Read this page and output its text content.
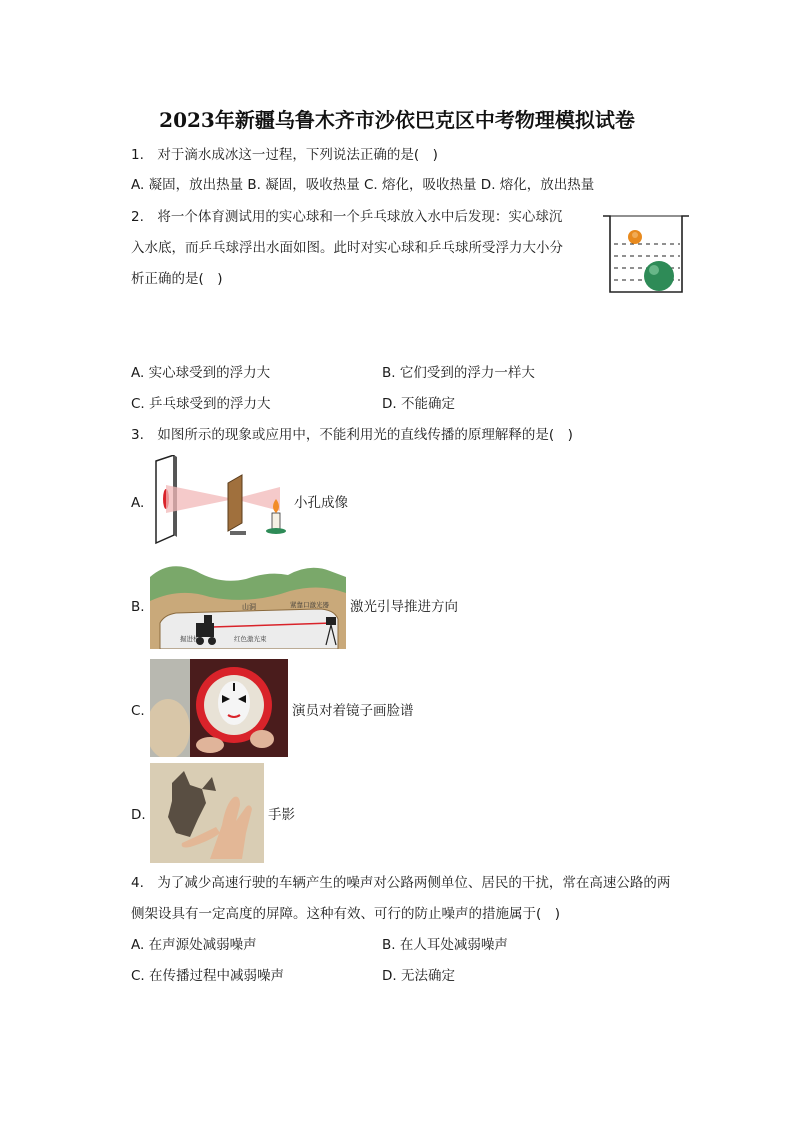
2023年新疆乌鲁木齐市沙依巴克区中考物理模拟试卷
1.　对于滴水成冰这一过程，下列说法正确的是(　)
A. 凝固，放出热量 B. 凝固，吸收热量 C. 熔化，吸收热量 D. 熔化，放出热量
2.　将一个体育测试用的实心球和一个乒乓球放入水中后发现：实心球沉
入水底，而乒乓球浮出水面如图。此时对实心球和乒乓球所受浮力大小分
析正确的是(　)
A. 实心球受到的浮力大	B. 它们受到的浮力一样大
C. 乒乓球受到的浮力大	D. 不能确定
3.　如图所示的现象或应用中，不能利用光的直线传播的原理解释的是(　)
A.	小孔成像
B.	山洞	紧靠口激光器
红色激光束
掘进机
激光引导推进方向
C.	演员对着镜子画脸谱
D.	手影
4.　为了减少高速行驶的车辆产生的噪声对公路两侧单位、居民的干扰，常在高速公路的两
侧架设具有一定高度的屏障。这种有效、可行的防止噪声的措施属于(　)
A. 在声源处减弱噪声	B. 在人耳处减弱噪声
C. 在传播过程中减弱噪声	D. 无法确定
